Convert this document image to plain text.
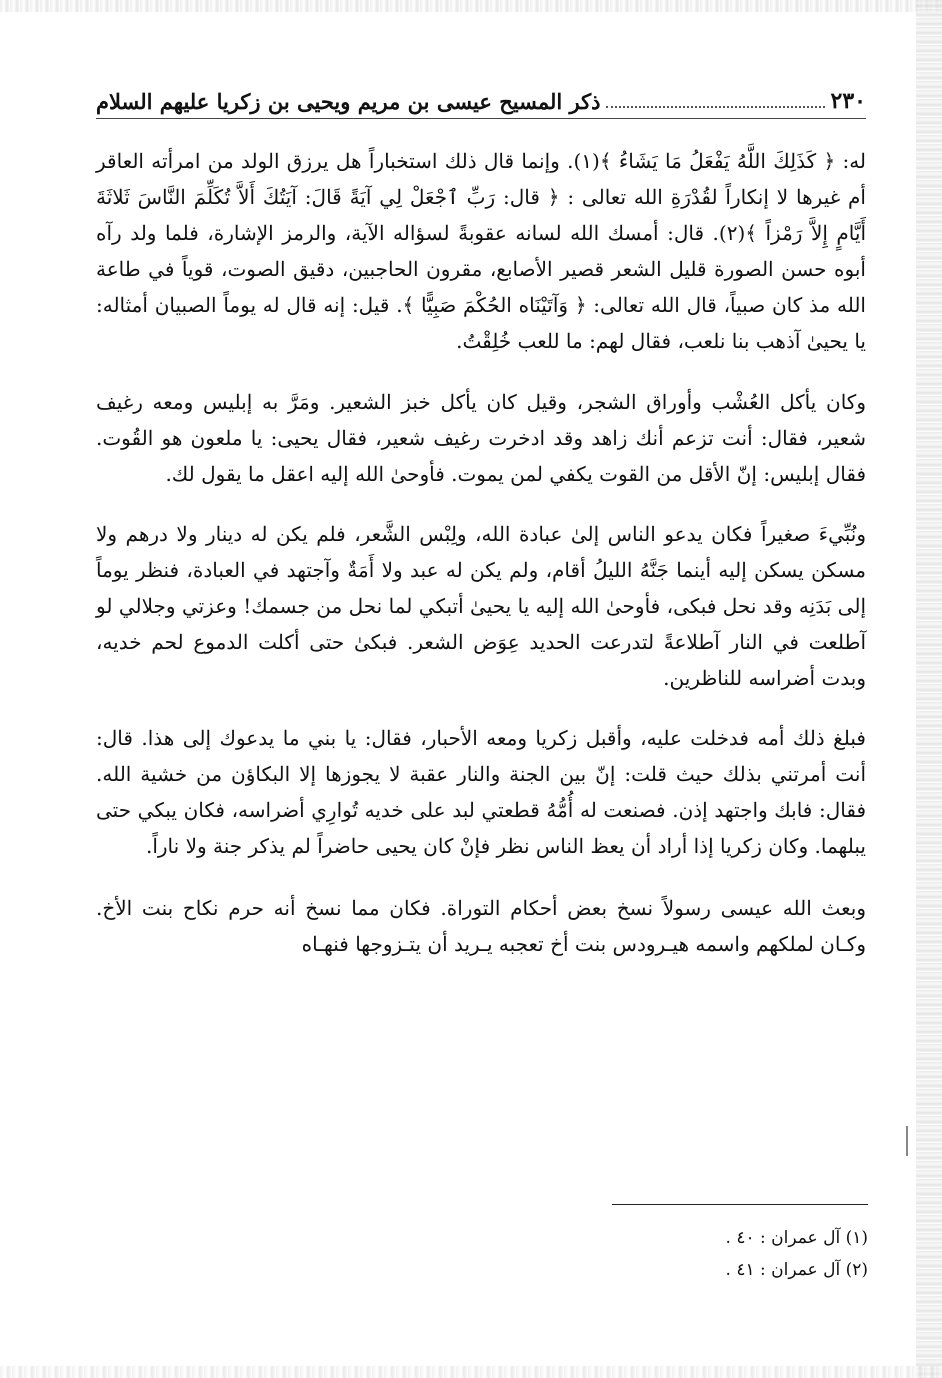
٢٣٠
ذكر المسيح عيسى بن مريم ويحيى بن زكريا عليهم السلام

له: ﴿ كَذَلِكَ اللَّهُ يَفْعَلُ مَا يَشَاءُ ﴾(١). وإنما قال ذلك استخباراً هل يرزق الولد من امرأته العاقر أم غيرها لا إنكاراً لقُدْرَةِ الله تعالى : ﴿ قال: رَبِّ ٱجْعَلْ لِي آيَةً قَالَ: آيَتُكَ أَلاَّ تُكَلِّمَ النَّاسَ ثَلاثَةَ أَيَّامٍ إِلاَّ رَمْزاً ﴾(٢). قال: أمسك الله لسانه عقوبةً لسؤاله الآية، والرمز الإشارة، فلما ولد رآه أبوه حسن الصورة قليل الشعر قصير الأصابع، مقرون الحاجبين، دقيق الصوت، قوياً في طاعة الله مذ كان صبياً، قال الله تعالى: ﴿ وَآتَيْنَاه الحُكْمَ صَبِيًّا ﴾. قيل: إنه قال له يوماً الصبيان أمثاله: يا يحيىٰ آذهب بنا نلعب، فقال لهم: ما للعب خُلِقْتُ.

وكان يأكل العُشْب وأوراق الشجر، وقيل كان يأكل خبز الشعير. ومَرَّ به إبليس ومعه رغيف شعير، فقال: أنت تزعم أنك زاهد وقد ادخرت رغيف شعير، فقال يحيى: يا ملعون هو القُوت. فقال إبليس: إنّ الأقل من القوت يكفي لمن يموت. فأوحىٰ الله إليه اعقل ما يقول لك.

ونُبِّيءَ صغيراً فكان يدعو الناس إلىٰ عبادة الله، ولِبْس الشَّعر، فلم يكن له دينار ولا درهم ولا مسكن يسكن إليه أينما جَنَّهُ الليلُ أقام، ولم يكن له عبد ولا أَمَةٌ وآجتهد في العبادة، فنظر يوماً إلى بَدَنِه وقد نحل فبكى، فأوحىٰ الله إليه يا يحيىٰ أتبكي لما نحل من جسمك! وعزتي وجلالي لو آطلعت في النار آطلاعةً لتدرعت الحديد عِوَض الشعر. فبكىٰ حتى أكلت الدموع لحم خديه، وبدت أضراسه للناظرين.

فبلغ ذلك أمه فدخلت عليه، وأقبل زكريا ومعه الأحبار، فقال: يا بني ما يدعوك إلى هذا. قال: أنت أمرتني بذلك حيث قلت: إنّ بين الجنة والنار عقبة لا يجوزها إلا البكاؤن من خشية الله. فقال: فابك واجتهد إذن. فصنعت له أُمُّهُ قطعتي لبد على خديه تُوارِي أضراسه، فكان يبكي حتى يبلهما. وكان زكريا إذا أراد أن يعظ الناس نظر فإنْ كان يحيى حاضراً لم يذكر جنة ولا ناراً.

وبعث الله عيسى رسولاً نسخ بعض أحكام التوراة. فكان مما نسخ أنه حرم نكاح بنت الأخ. وكـان لملكهم واسمه هيـرودس بنت أخ تعجبه يـريد أن يتـزوجها فنهـاه

(١) آل عمران : ٤٠ .
(٢) آل عمران : ٤١ .
